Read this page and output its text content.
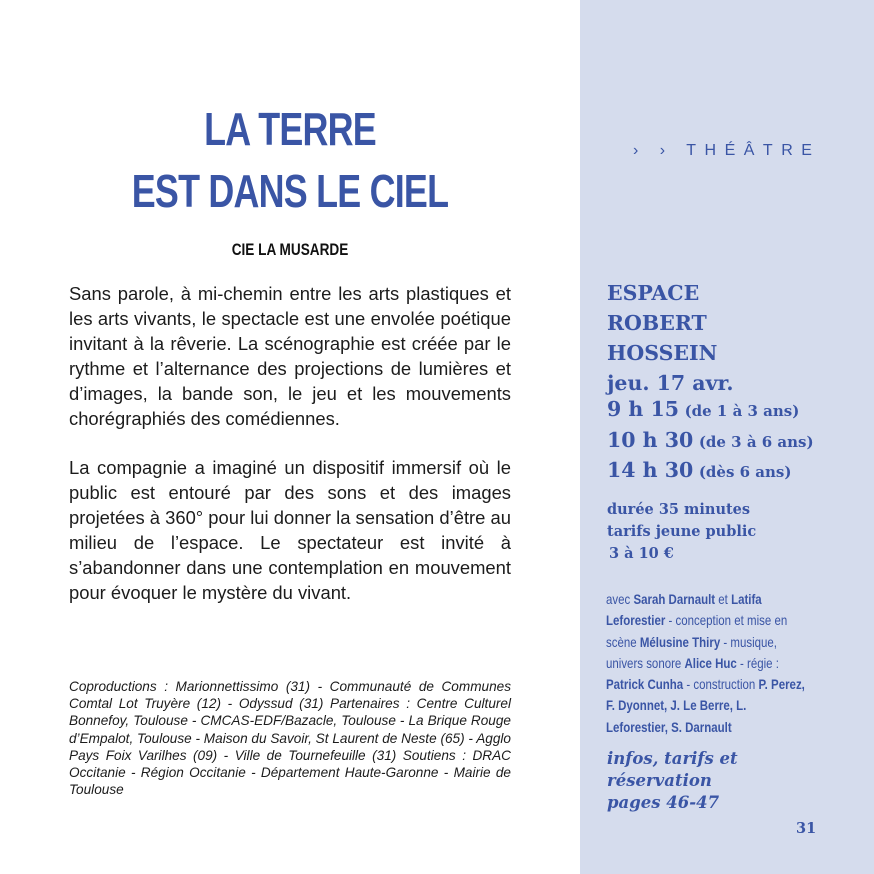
LA TERRE
EST DANS LE CIEL
CIE LA MUSARDE

Sans parole, à mi-chemin entre les arts plastiques et les arts vivants, le spectacle est une envolée poétique invitant à la rêverie. La scénographie est créée par le rythme et l’alternance des projections de lumières et d’images, la bande son, le jeu et les mouvements chorégraphiés des comédiennes.

La compagnie a imaginé un dispositif immersif où le public est entouré par des sons et des images projetées à 360° pour lui donner la sensation d’être au milieu de l’espace. Le spectateur est invité à s’abandonner dans une contemplation en mouvement pour évoquer le mystère du vivant.

Coproductions : Marionnettissimo (31) - Communauté de Communes Comtal Lot Truyère (12) - Odyssud (31) Partenaires : Centre Culturel Bonnefoy, Toulouse - CMCAS-EDF/Bazacle, Toulouse - La Brique Rouge d’Empalot, Toulouse - Maison du Savoir, St Laurent de Neste (65) - Agglo Pays Foix Varilhes (09) - Ville de Tournefeuille (31) Soutiens : DRAC Occitanie - Région Occitanie - Département Haute-Garonne - Mairie de Toulouse

› › THÉÂTRE

ESPACE
ROBERT
HOSSEIN
jeu. 17 avr.
9 h 15 (de 1 à 3 ans)
10 h 30 (de 3 à 6 ans)
14 h 30 (dès 6 ans)
durée 35 minutes
tarifs jeune public
3 à 10 €

avec Sarah Darnault et Latifa Leforestier - conception et mise en scène Mélusine Thiry - musique, univers sonore Alice Huc - régie : Patrick Cunha - construction P. Perez, F. Dyonnet, J. Le Berre, L. Leforestier, S. Darnault

infos, tarifs et
réservation
pages 46-47

31
